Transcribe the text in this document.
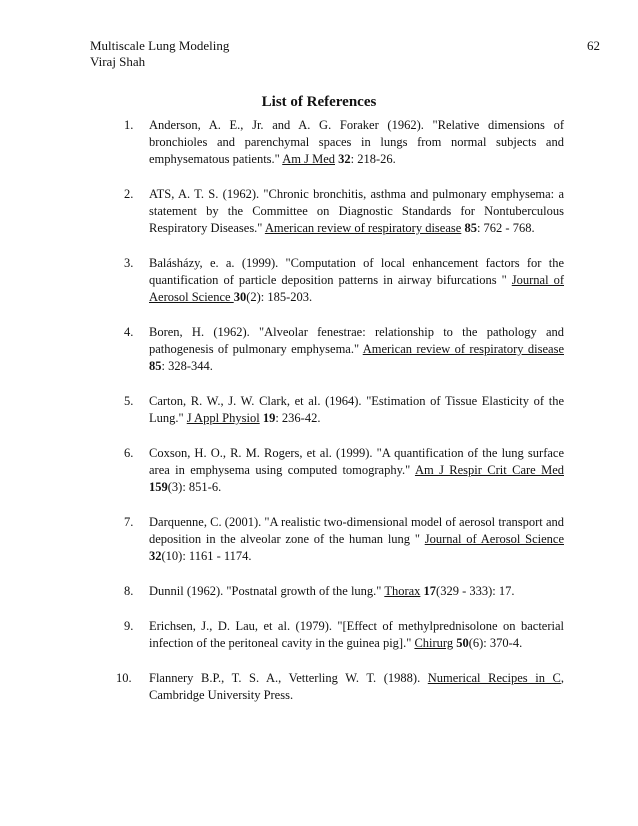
Multiscale Lung Modeling
Viraj Shah
62
List of References
1.	Anderson, A. E., Jr. and A. G. Foraker (1962). "Relative dimensions of bronchioles and parenchymal spaces in lungs from normal subjects and emphysematous patients." Am J Med 32: 218-26.
2.	ATS, A. T. S. (1962). "Chronic bronchitis, asthma and pulmonary emphysema: a statement by the Committee on Diagnostic Standards for Nontuberculous Respiratory Diseases." American review of respiratory disease 85: 762 - 768.
3.	Balásházy, e. a. (1999). "Computation of local enhancement factors for the quantification of particle deposition patterns in airway bifurcations " Journal of Aerosol Science 30(2): 185-203.
4.	Boren, H. (1962). "Alveolar fenestrae: relationship to the pathology and pathogenesis of pulmonary emphysema." American review of respiratory disease 85: 328-344.
5.	Carton, R. W., J. W. Clark, et al. (1964). "Estimation of Tissue Elasticity of the Lung." J Appl Physiol 19: 236-42.
6.	Coxson, H. O., R. M. Rogers, et al. (1999). "A quantification of the lung surface area in emphysema using computed tomography." Am J Respir Crit Care Med 159(3): 851-6.
7.	Darquenne, C. (2001). "A realistic two-dimensional model of aerosol transport and deposition in the alveolar zone of the human lung " Journal of Aerosol Science 32(10): 1161 - 1174.
8.	Dunnil (1962). "Postnatal growth of the lung." Thorax 17(329 - 333): 17.
9.	Erichsen, J., D. Lau, et al. (1979). "[Effect of methylprednisolone on bacterial infection of the peritoneal cavity in the guinea pig]." Chirurg 50(6): 370-4.
10.	Flannery B.P., T. S. A., Vetterling W. T. (1988). Numerical Recipes in C, Cambridge University Press.
